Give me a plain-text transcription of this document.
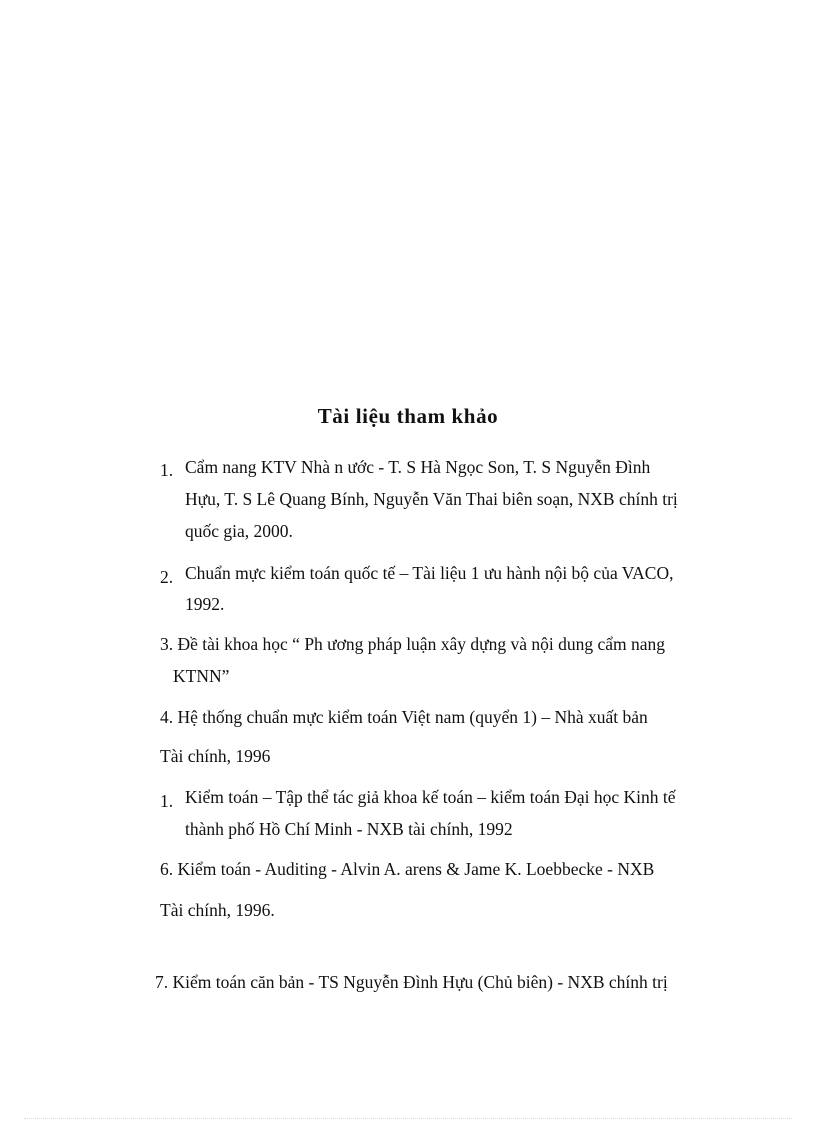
Tài liệu tham khảo
1. Cẩm nang KTV Nhà n ước - T. S Hà Ngọc Son, T. S Nguyễn Đình
Hựu, T. S Lê Quang Bính, Nguyễn Văn Thai biên soạn, NXB chính trị
quốc gia, 2000.
2. Chuẩn mực kiểm toán quốc tế – Tài liệu 1 ưu hành nội bộ của VACO,
1992.
3. Đề tài khoa học “ Ph ương pháp luận xây dựng và nội dung cẩm nang
KTNN”
4. Hệ thống chuẩn mực kiểm toán Việt nam (quyển 1) – Nhà xuất bản
Tài chính, 1996
1. Kiểm toán – Tập thể tác giả khoa kế toán – kiểm toán Đại học Kinh tế
thành phố Hồ Chí Minh - NXB tài chính, 1992
6. Kiểm toán - Auditing - Alvin A. arens & Jame K. Loebbecke - NXB
Tài chính, 1996.
7. Kiểm toán căn bản - TS Nguyễn Đình Hựu (Chủ biên) - NXB chính trị
